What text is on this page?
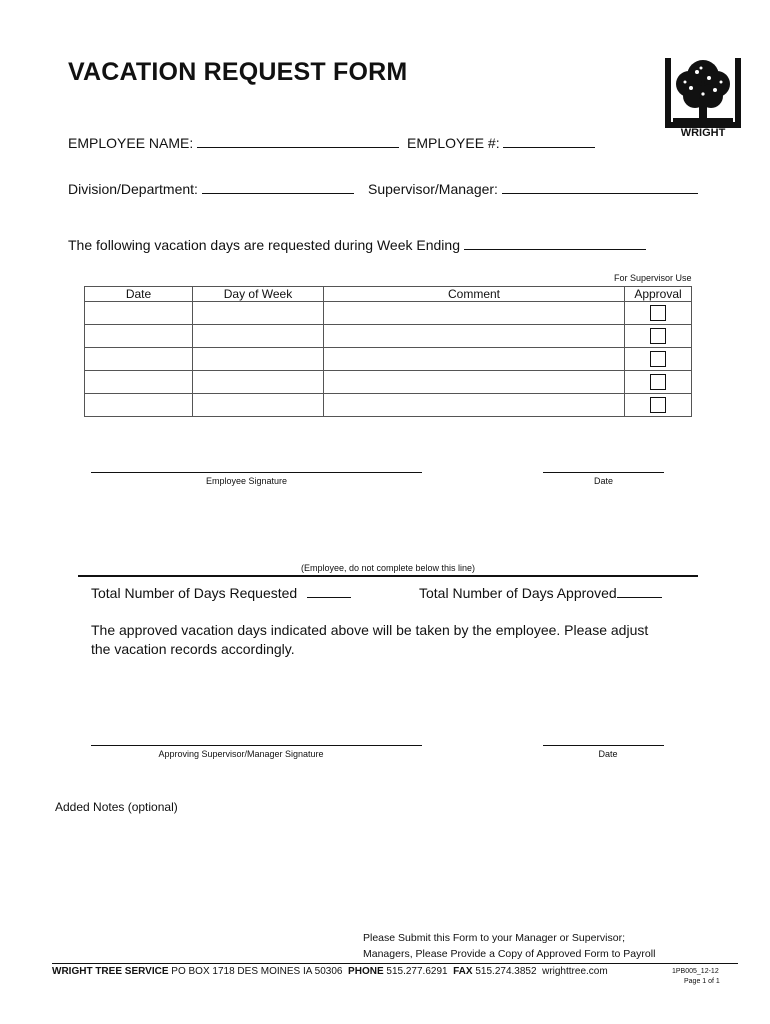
VACATION REQUEST FORM
WRIGHT
EMPLOYEE NAME:	EMPLOYEE #:
Division/Department:	Supervisor/Manager:
The following vacation days are requested during Week Ending
For Supervisor Use
Date	Day of Week	Comment	Approval

Employee Signature	Date
(Employee, do not complete below this line)
Total Number of Days Requested	Total Number of Days Approved
The approved vacation days indicated above will be taken by the employee. Please adjust
the vacation records accordingly.
Approving Supervisor/Manager Signature	Date
Added Notes (optional)
Please Submit this Form to your Manager or Supervisor;
Managers, Please Provide a Copy of Approved Form to Payroll
WRIGHT TREE SERVICE PO BOX 1718 DES MOINES IA 50306 PHONE 515.277.6291 FAX 515.274.3852 wrighttree.com	1PB005_12-12
Page 1 of 1
